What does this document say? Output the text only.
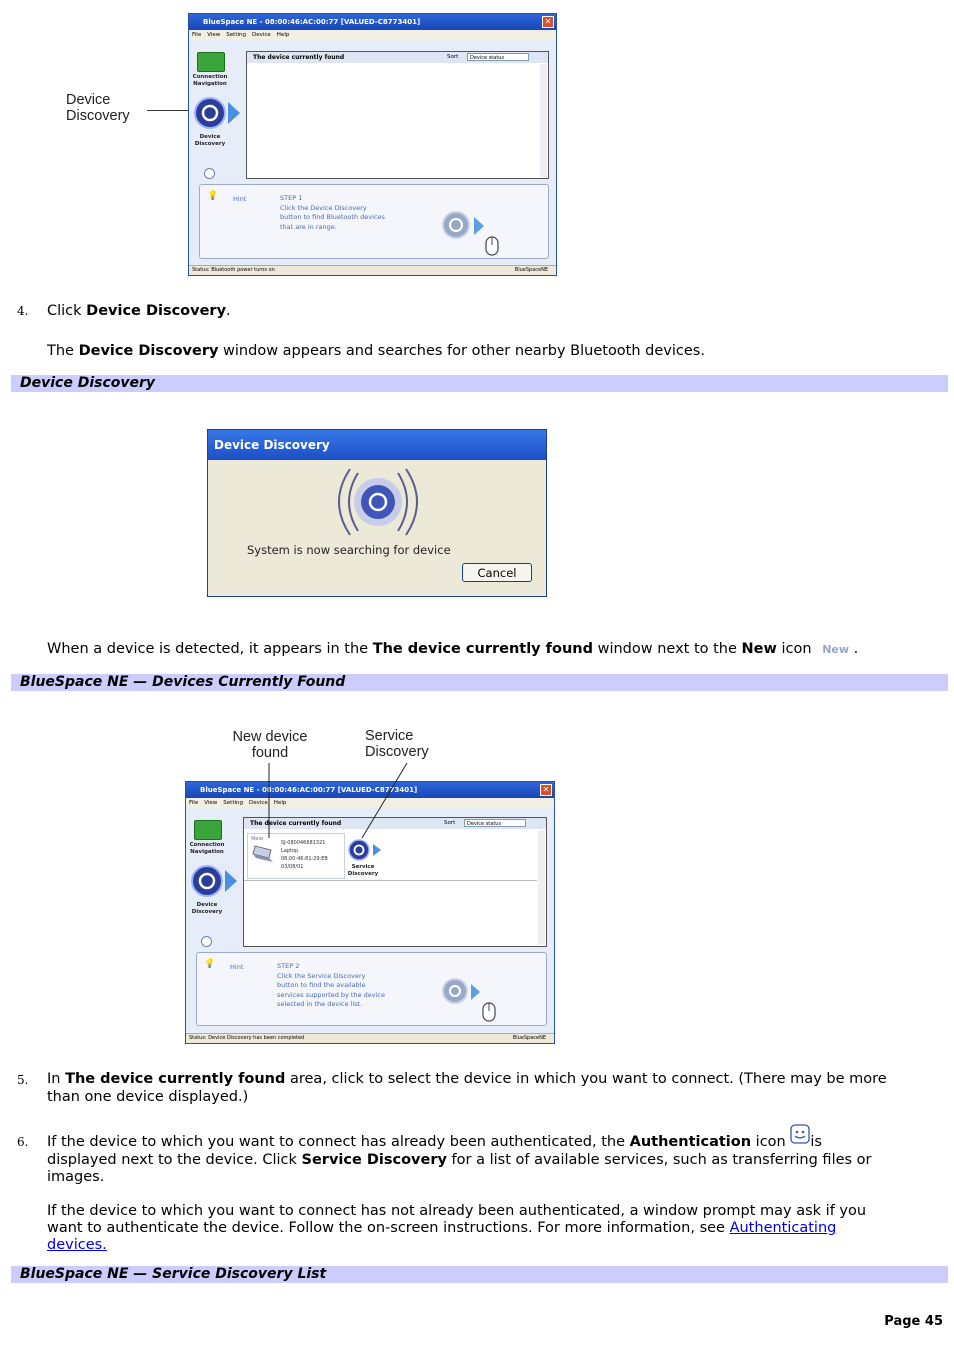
Device
Discovery
BlueSpace NE - 08:00:46:AC:00:77 [VALUED-C8773401]	✕
File View Setting Device Help
Connection
Navigation
Device
Discovery
The device currently found	Sort	Device status
💡 Hint	STEP 1
Click the Device Discovery
button to find Bluetooth devices
that are in range.
Status: Bluetooth power turns on	BlueSpaceNE
4. Click Device Discovery.
The Device Discovery window appears and searches for other nearby Bluetooth devices.
Device Discovery
Device Discovery
System is now searching for device
Cancel
When a device is detected, it appears in the The device currently found window next to the New icon New .
BlueSpace NE — Devices Currently Found
New device
found
Service
Discovery
BlueSpace NE - 08:00:46:AC:00:77 [VALUED-C8773401]	✕
File View Setting Device Help
Connection
Navigation
Device
Discovery
The device currently found	Sort	Device status
New
SJ-080046681321
Laptop
08:00:46:81:29:EB
03/08/01	Service
Discovery
💡 Hint	STEP 2
Click the Service Discovery
button to find the available
services supported by the device
selected in the device list.
Status: Device Discovery has been completed	BlueSpaceNE
5. In The device currently found area, click to select the device in which you want to connect. (There may be more
than one device displayed.)
6. If the device to which you want to connect has already been authenticated, the Authentication icon
is
displayed next to the device. Click Service Discovery for a list of available services, such as transferring files or
images.
If the device to which you want to connect has not already been authenticated, a window prompt may ask if you
want to authenticate the device. Follow the on-screen instructions. For more information, see Authenticating
devices.
BlueSpace NE — Service Discovery List
Page 45
